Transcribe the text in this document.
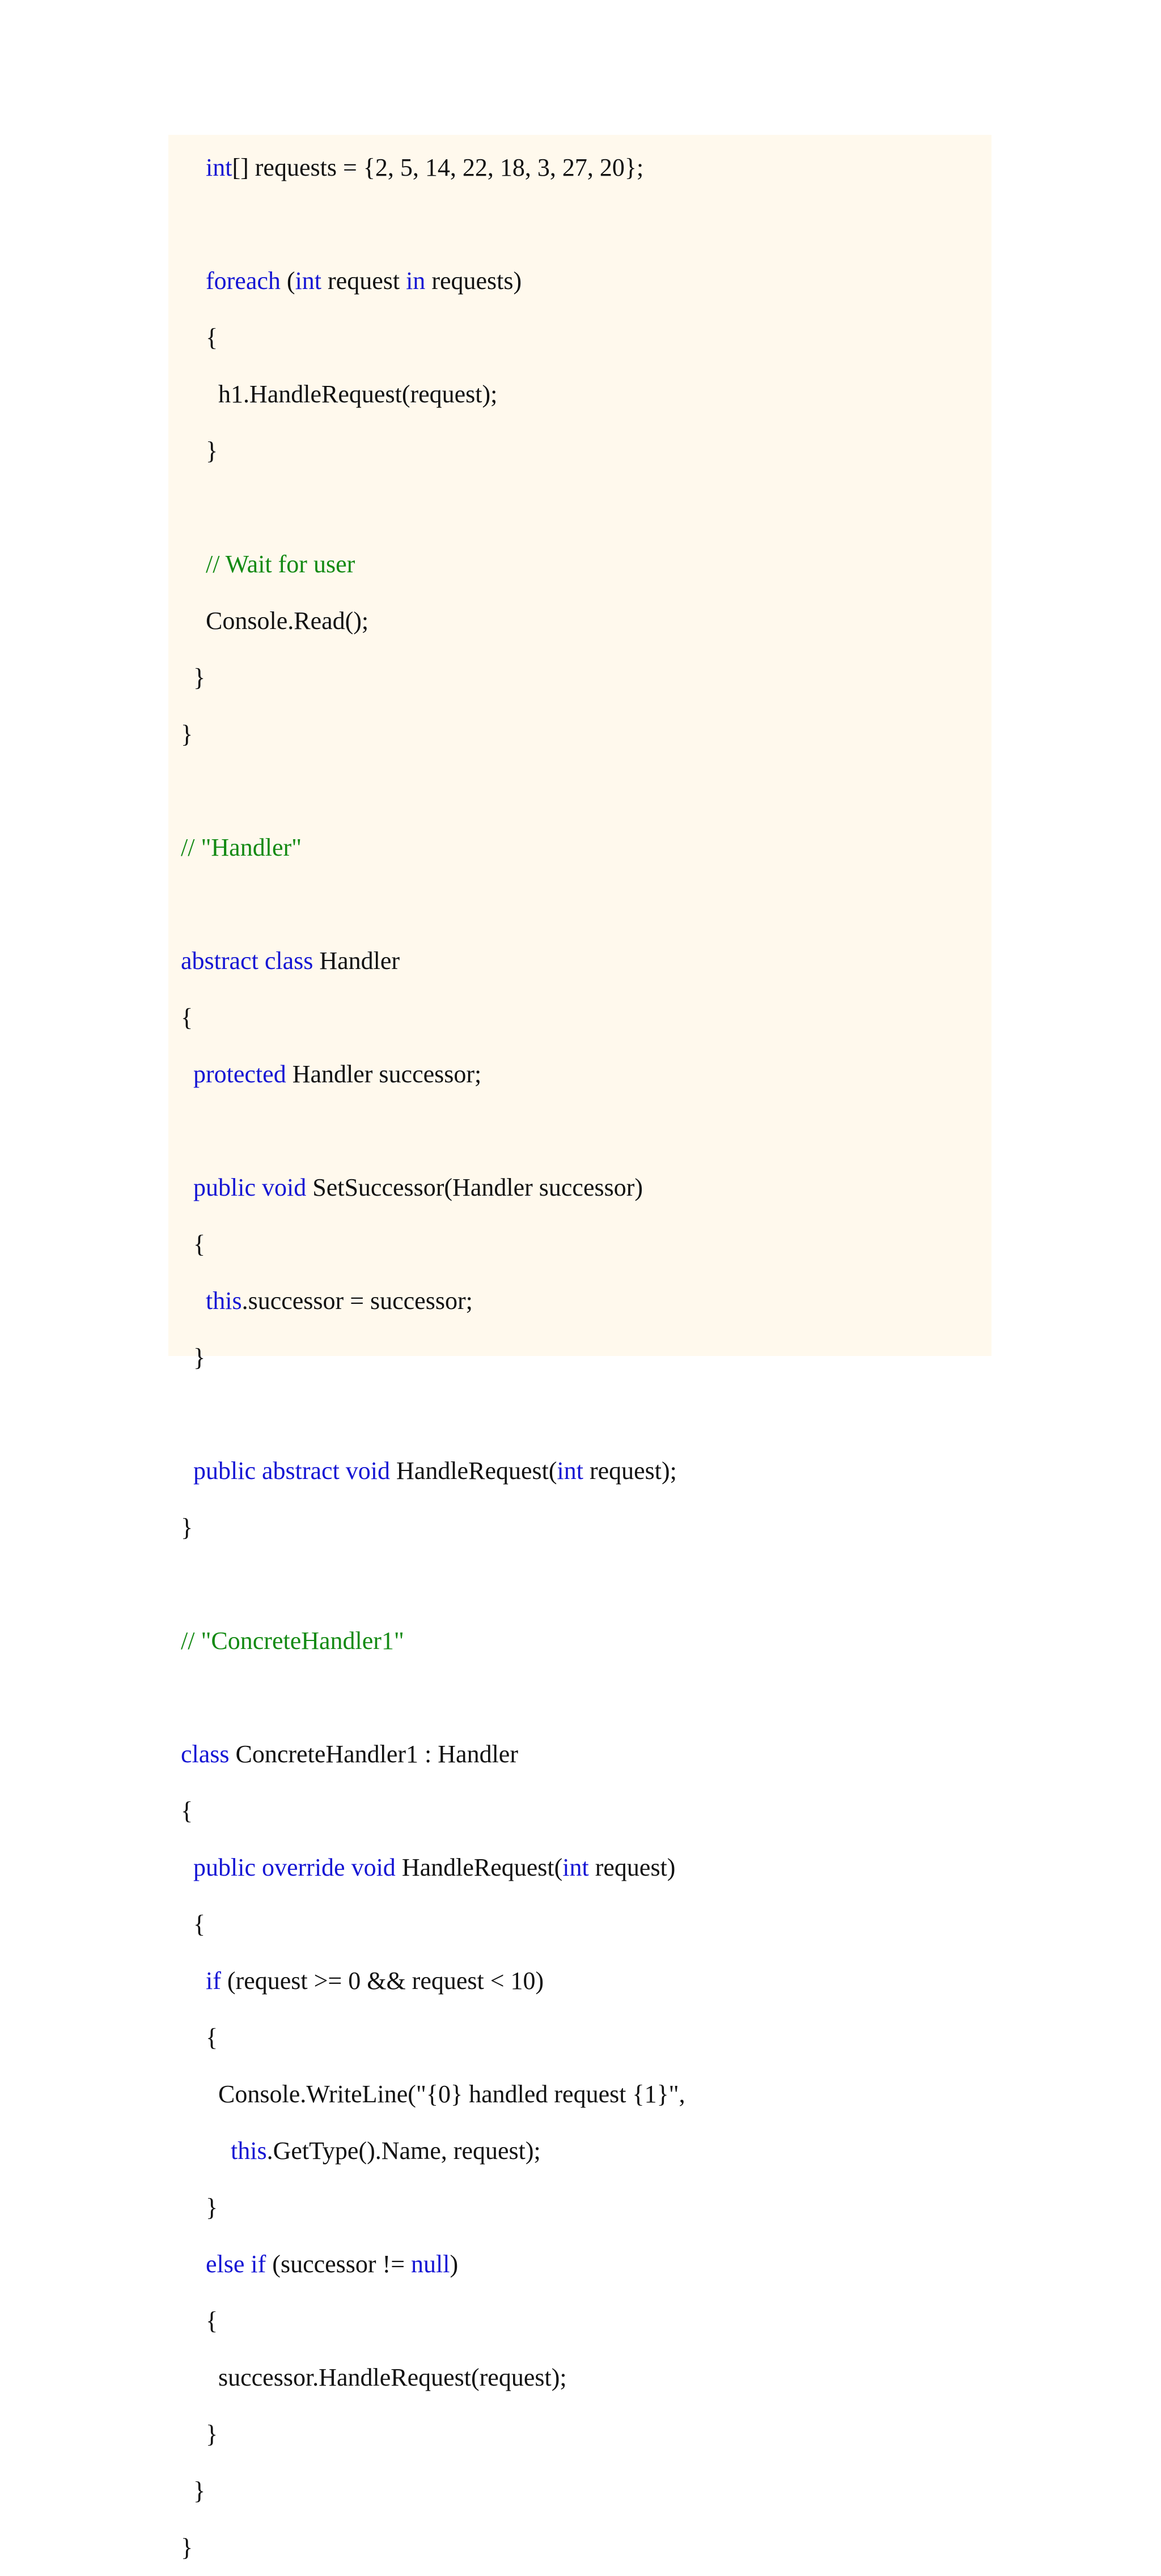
int[] requests = {2, 5, 14, 22, 18, 3, 27, 20};
foreach (int request in requests)
{
h1.HandleRequest(request);
}
// Wait for user
Console.Read();
}
}
// "Handler"
abstract class Handler
{
protected Handler successor;
public void SetSuccessor(Handler successor)
{
this.successor = successor;
}
public abstract void HandleRequest(int request);
}
// "ConcreteHandler1"
class ConcreteHandler1 : Handler
{
public override void HandleRequest(int request)
{
if (request >= 0 && request < 10)
{
Console.WriteLine("{0} handled request {1}",
this.GetType().Name, request);
}
else if (successor != null)
{
successor.HandleRequest(request);
}
}
}
